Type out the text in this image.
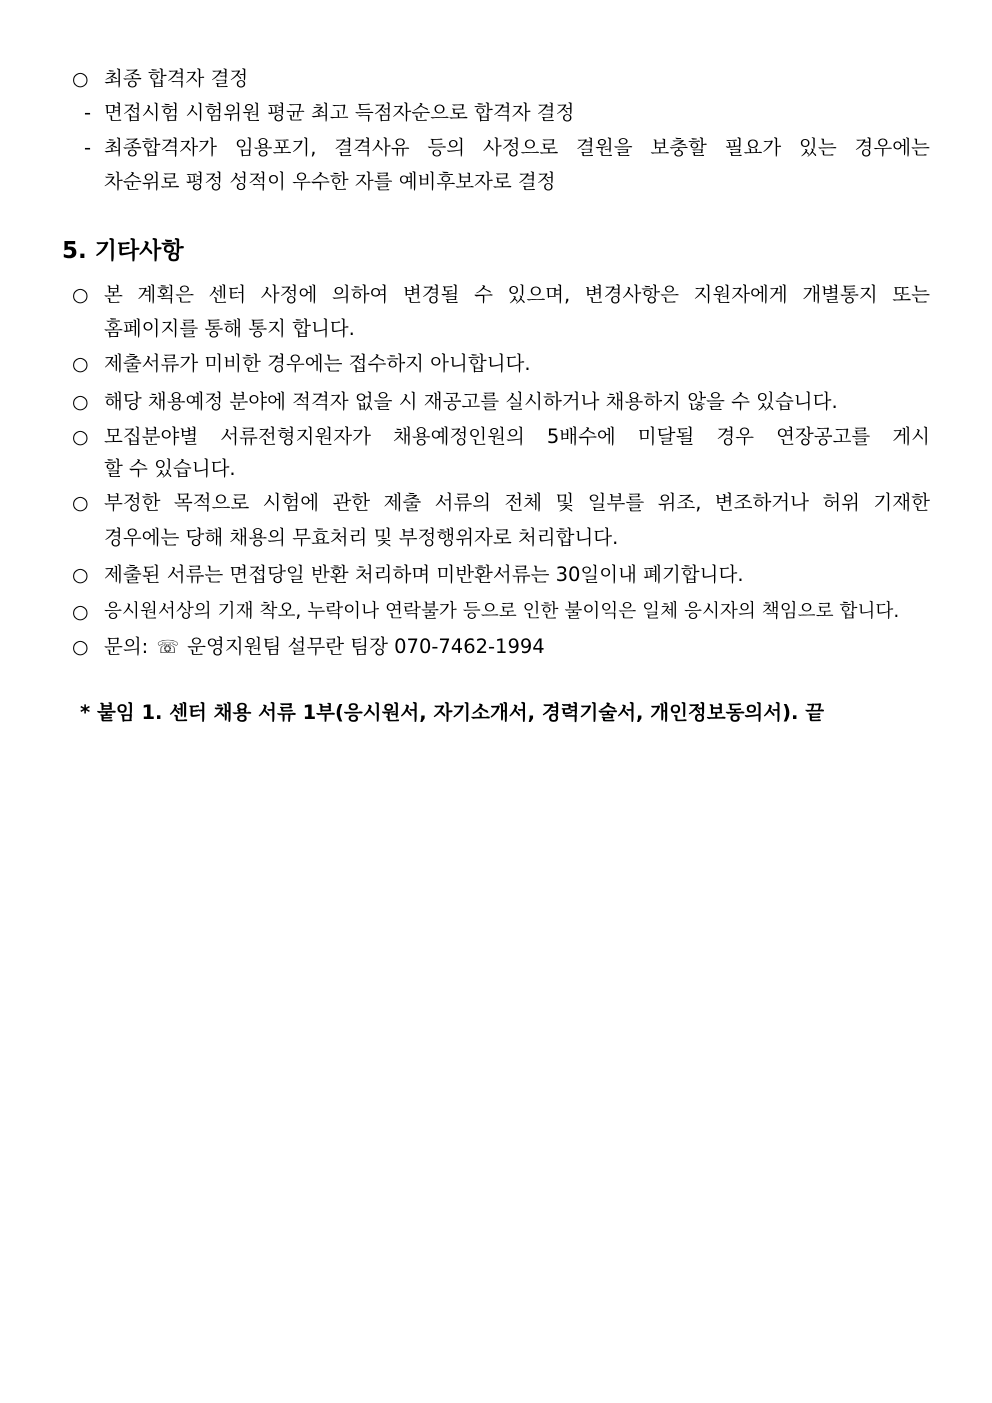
○ 최종 합격자 결정
- 면접시험 시험위원 평균 최고 득점자순으로 합격자 결정
- 최종합격자가 임용포기, 결격사유 등의 사정으로 결원을 보충할 필요가 있는 경우에는
차순위로 평정 성적이 우수한 자를 예비후보자로 결정
5. 기타사항
○ 본 계획은 센터 사정에 의하여 변경될 수 있으며, 변경사항은 지원자에게 개별통지 또는
홈페이지를 통해 통지 합니다.
○ 제출서류가 미비한 경우에는 접수하지 아니합니다.
○ 해당 채용예정 분야에 적격자 없을 시 재공고를 실시하거나 채용하지 않을 수 있습니다.
○ 모집분야별 서류전형지원자가 채용예정인원의 5배수에 미달될 경우 연장공고를 게시
할 수 있습니다.
○ 부정한 목적으로 시험에 관한 제출 서류의 전체 및 일부를 위조, 변조하거나 허위 기재한
경우에는 당해 채용의 무효처리 및 부정행위자로 처리합니다.
○ 제출된 서류는 면접당일 반환 처리하며 미반환서류는 30일이내 폐기합니다.
○ 응시원서상의 기재 착오, 누락이나 연락불가 등으로 인한 불이익은 일체 응시자의 책임으로 합니다.
○ 문의: ☏ 운영지원팀 설무란 팀장 070-7462-1994
* 붙임 1. 센터 채용 서류 1부(응시원서, 자기소개서, 경력기술서, 개인정보동의서). 끝
